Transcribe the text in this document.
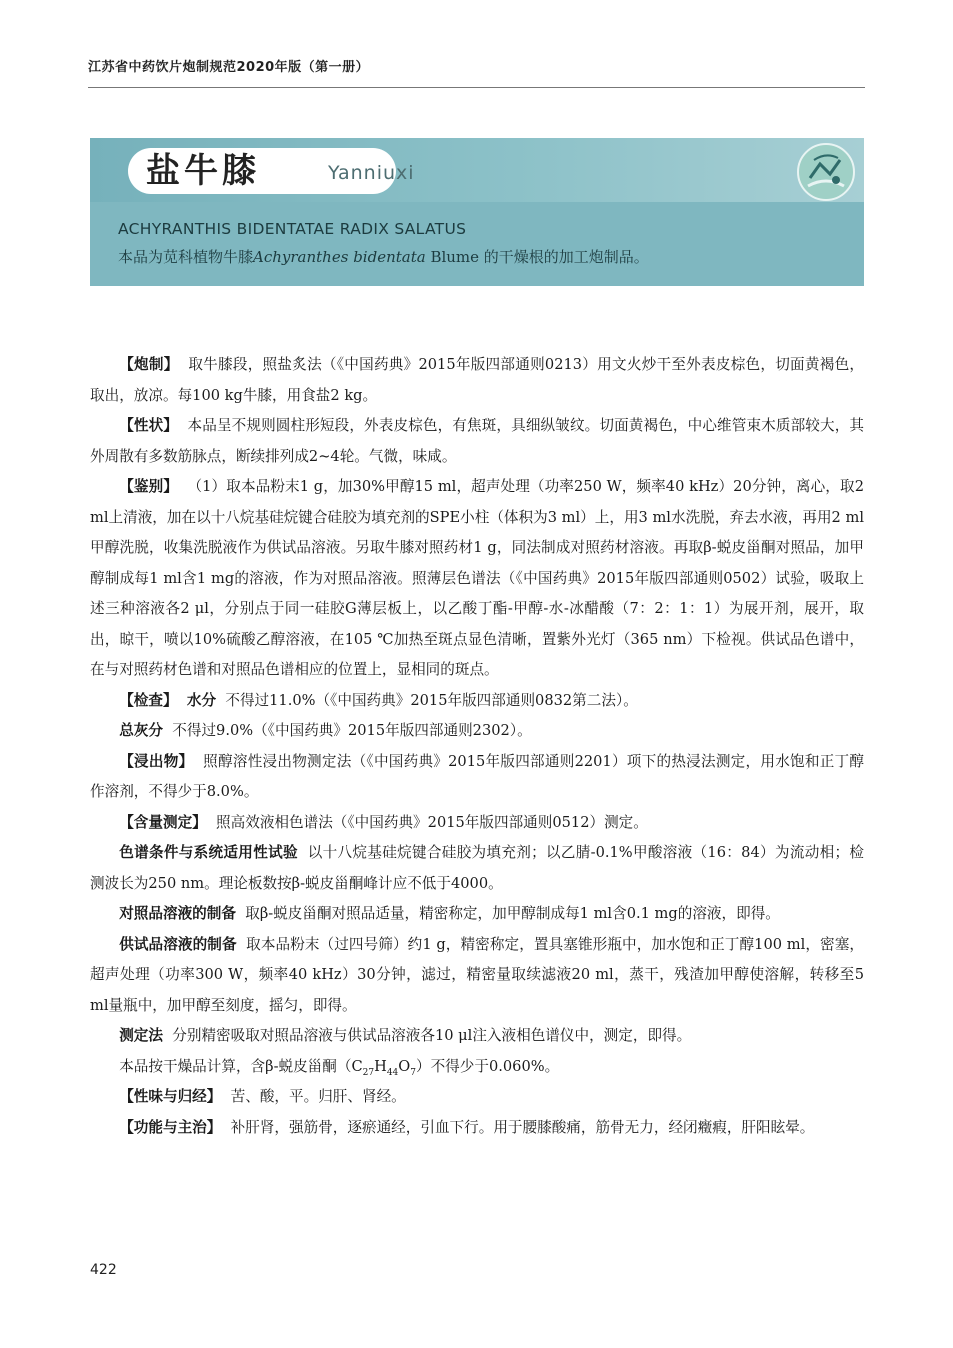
江苏省中药饮片炮制规范2020年版（第一册）
盐牛膝	Yanniuxi
ACHYRANTHIS BIDENTATAE RADIX SALATUS
本品为苋科植物牛膝Achyranthes bidentata Blume 的干燥根的加工炮制品。

【炮制】 取牛膝段，照盐炙法（《中国药典》2015年版四部通则0213）用文火炒干至外表皮棕色，切面黄褐色，取出，放凉。每100 kg牛膝，用食盐2 kg。

【性状】 本品呈不规则圆柱形短段，外表皮棕色，有焦斑，具细纵皱纹。切面黄褐色，中心维管束木质部较大，其外周散有多数筋脉点，断续排列成2~4轮。气微，味咸。

【鉴别】 （1）取本品粉末1 g，加30%甲醇15 ml，超声处理（功率250 W，频率40 kHz）20分钟，离心，取2 ml上清液，加在以十八烷基硅烷键合硅胶为填充剂的SPE小柱（体积为3 ml）上，用3 ml水洗脱，弃去水液，再用2 ml甲醇洗脱，收集洗脱液作为供试品溶液。另取牛膝对照药材1 g，同法制成对照药材溶液。再取β-蜕皮甾酮对照品，加甲醇制成每1 ml含1 mg的溶液，作为对照品溶液。照薄层色谱法（《中国药典》2015年版四部通则0502）试验，吸取上述三种溶液各2 μl，分别点于同一硅胶G薄层板上，以乙酸丁酯-甲醇-水-冰醋酸（7：2：1：1）为展开剂，展开，取出，晾干，喷以10%硫酸乙醇溶液，在105 ℃加热至斑点显色清晰，置紫外光灯（365 nm）下检视。供试品色谱中，在与对照药材色谱和对照品色谱相应的位置上，显相同的斑点。

【检查】 水分 不得过11.0%（《中国药典》2015年版四部通则0832第二法）。

总灰分 不得过9.0%（《中国药典》2015年版四部通则2302）。

【浸出物】 照醇溶性浸出物测定法（《中国药典》2015年版四部通则2201）项下的热浸法测定，用水饱和正丁醇作溶剂，不得少于8.0%。

【含量测定】 照高效液相色谱法（《中国药典》2015年版四部通则0512）测定。

色谱条件与系统适用性试验 以十八烷基硅烷键合硅胶为填充剂；以乙腈-0.1%甲酸溶液（16：84）为流动相；检测波长为250 nm。理论板数按β-蜕皮甾酮峰计应不低于4000。

对照品溶液的制备 取β-蜕皮甾酮对照品适量，精密称定，加甲醇制成每1 ml含0.1 mg的溶液，即得。

供试品溶液的制备 取本品粉末（过四号筛）约1 g，精密称定，置具塞锥形瓶中，加水饱和正丁醇100 ml，密塞，超声处理（功率300 W，频率40 kHz）30分钟，滤过，精密量取续滤液20 ml，蒸干，残渣加甲醇使溶解，转移至5 ml量瓶中，加甲醇至刻度，摇匀，即得。

测定法 分别精密吸取对照品溶液与供试品溶液各10 μl注入液相色谱仪中，测定，即得。

本品按干燥品计算，含β-蜕皮甾酮$(C_{27}H_{44}O_7)$不得少于0.060%。

【性味与归经】 苦、酸，平。归肝、肾经。

【功能与主治】 补肝肾，强筋骨，逐瘀通经，引血下行。用于腰膝酸痛，筋骨无力，经闭癥瘕，肝阳眩晕。

422
